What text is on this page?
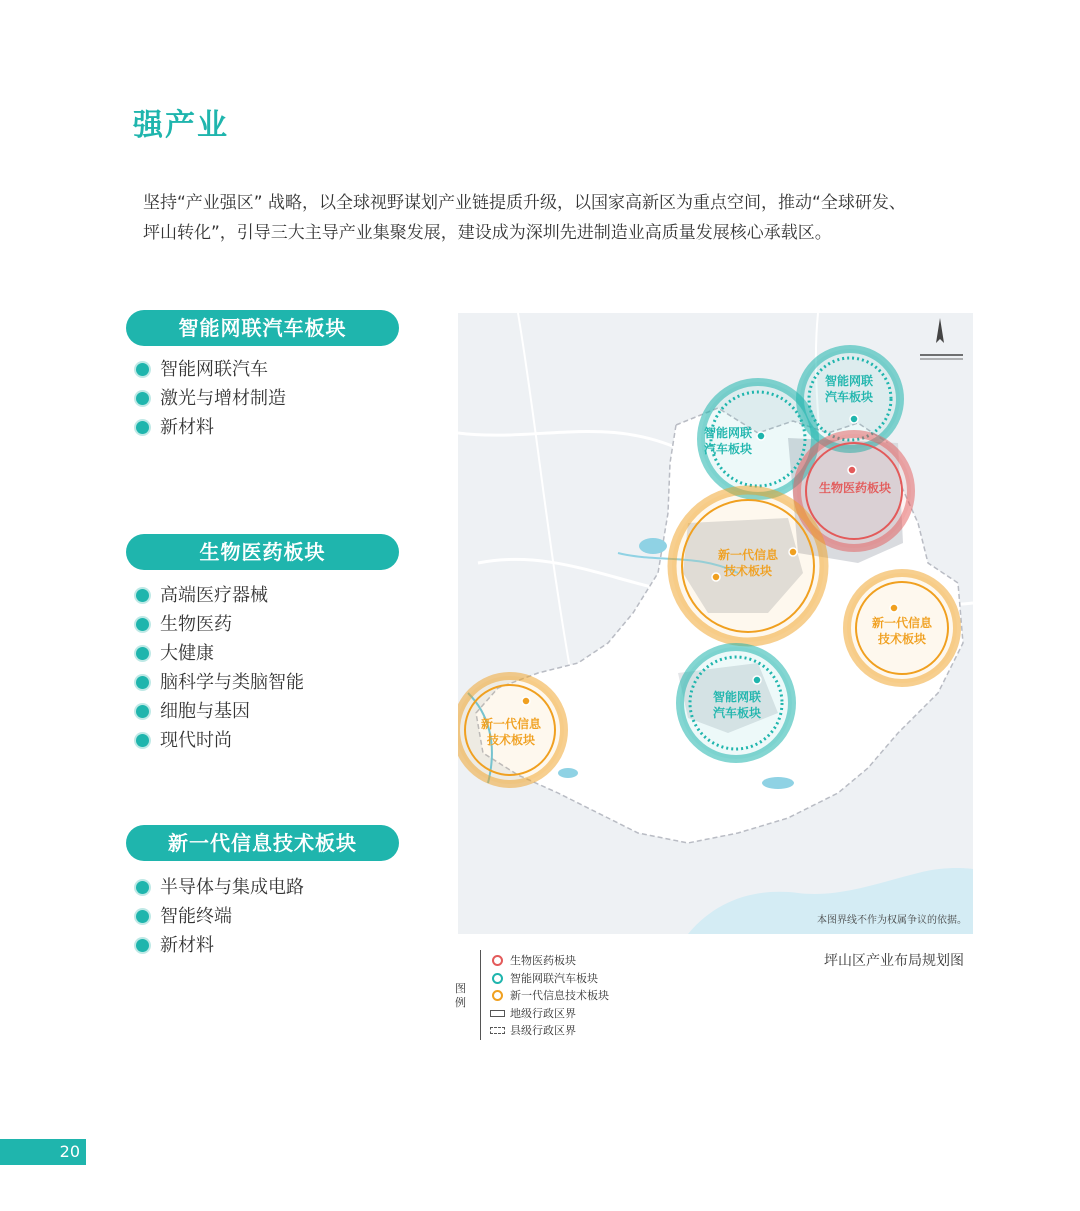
强产业

坚持“产业强区” 战略，以全球视野谋划产业链提质升级，以国家高新区为重点空间，推动“全球研发、

坪山转化”，引导三大主导产业集聚发展，建设成为深圳先进制造业高质量发展核心承载区。

智能网联汽车板块
智能网联汽车
激光与增材制造
新材料
生物医药板块
高端医疗器械
生物医药
大健康
脑科学与类脑智能
细胞与基因
现代时尚
新一代信息技术板块
半导体与集成电路
智能终端
新材料
智能网联
汽车板块
智能网联
汽车板块
生物医药板块
新一代信息
技术板块
新一代信息
技术板块
智能网联
汽车板块
新一代信息
技术板块
本图界线不作为权属争议的依据。
坪山区产业布局规划图
图例
生物医药板块
智能网联汽车板块
新一代信息技术板块
地级行政区界
县级行政区界
20
